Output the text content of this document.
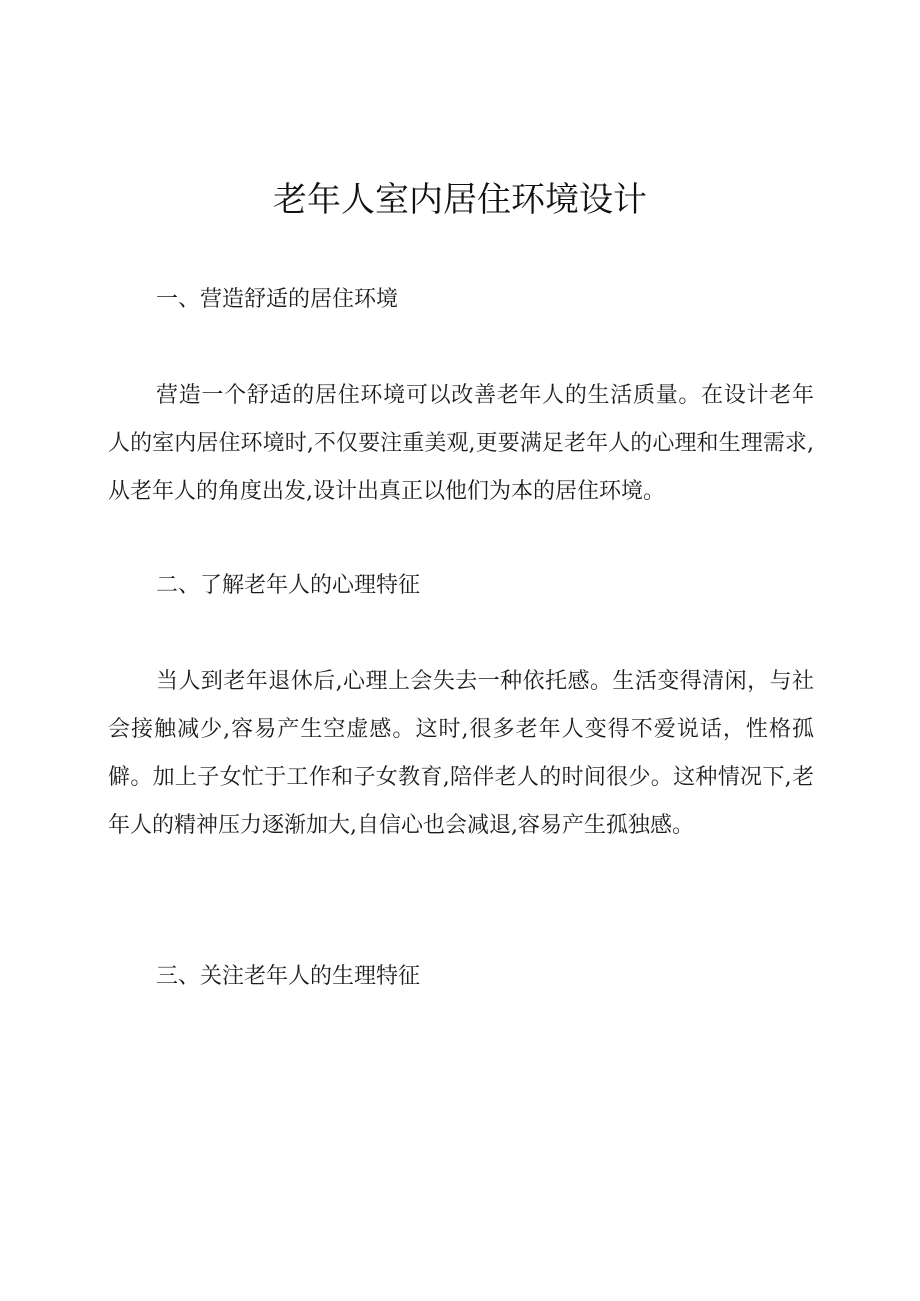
老年人室内居住环境设计

一、营造舒适的居住环境

营造一个舒适的居住环境可以改善老年人的生活质量。在设计老年人的室内居住环境时,不仅要注重美观,更要满足老年人的心理和生理需求,从老年人的角度出发,设计出真正以他们为本的居住环境。

二、了解老年人的心理特征

当人到老年退休后,心理上会失去一种依托感。生活变得清闲，与社会接触减少,容易产生空虚感。这时,很多老年人变得不爱说话，性格孤僻。加上子女忙于工作和子女教育,陪伴老人的时间很少。这种情况下,老年人的精神压力逐渐加大,自信心也会减退,容易产生孤独感。

三、关注老年人的生理特征
